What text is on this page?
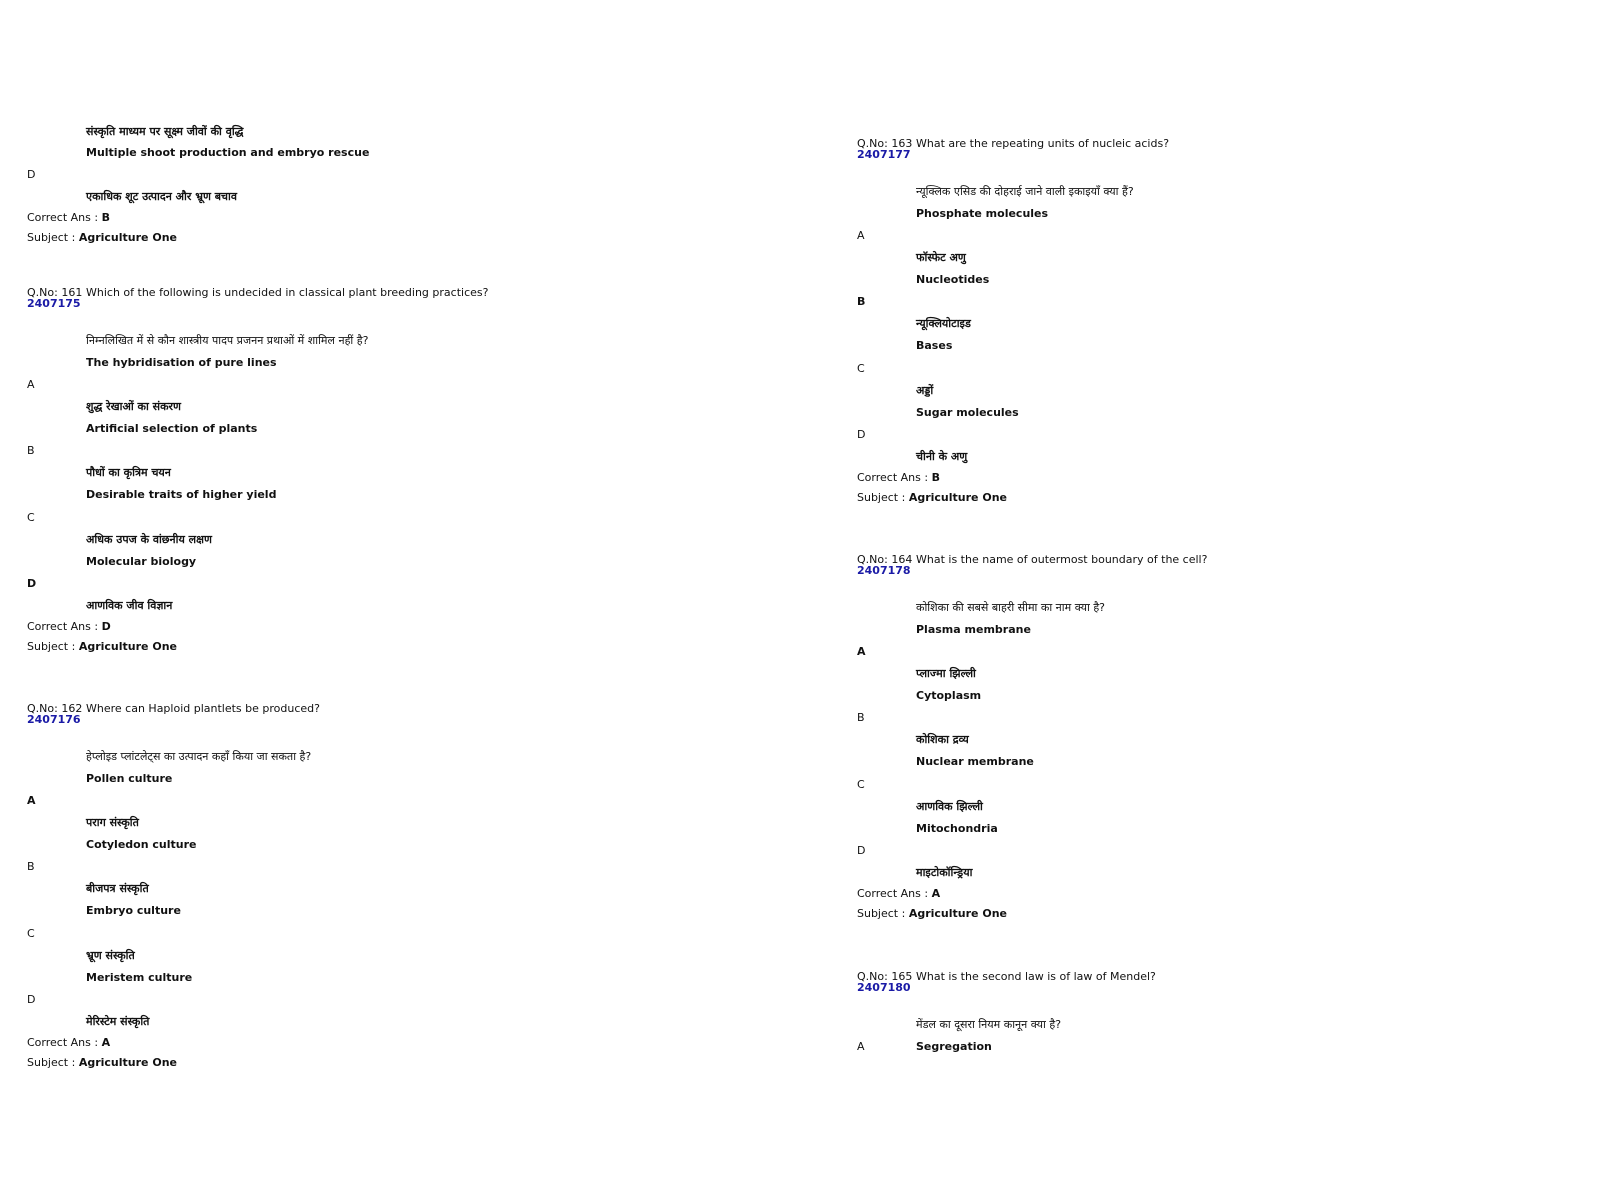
संस्कृति माध्यम पर सूक्ष्म जीवों की वृद्धि
Multiple shoot production and embryo rescue
D
एकाधिक शूट उत्पादन और भ्रूण बचाव
Correct Ans : B
Subject : Agriculture One
Q.No: 161 Which of the following is undecided in classical plant breeding practices?
2407175
निम्नलिखित में से कौन शास्त्रीय पादप प्रजनन प्रथाओं में शामिल नहीं है?
The hybridisation of pure lines
A
शुद्ध रेखाओं का संकरण
Artificial selection of plants
B
पौधों का कृत्रिम चयन
Desirable traits of higher yield
C
अधिक उपज के वांछनीय लक्षण
Molecular biology
D
आणविक जीव विज्ञान
Correct Ans : D
Subject : Agriculture One
Q.No: 162 Where can Haploid plantlets be produced?
2407176
हेप्लोइड प्लांटलेट्स का उत्पादन कहाँ किया जा सकता है?
Pollen culture
A
पराग संस्कृति
Cotyledon culture
B
बीजपत्र संस्कृति
Embryo culture
C
भ्रूण संस्कृति
Meristem culture
D
मेरिस्टेम संस्कृति
Correct Ans : A
Subject : Agriculture One
Q.No: 163 What are the repeating units of nucleic acids?
2407177
न्यूक्लिक एसिड की दोहराई जाने वाली इकाइयाँ क्या हैं?
Phosphate molecules
A
फॉस्फेट अणु
Nucleotides
B
न्यूक्लियोटाइड
Bases
C
अड्डों
Sugar molecules
D
चीनी के अणु
Correct Ans : B
Subject : Agriculture One
Q.No: 164 What is the name of outermost boundary of the cell?
2407178
कोशिका की सबसे बाहरी सीमा का नाम क्या है?
Plasma membrane
A
प्लाज्मा झिल्ली
Cytoplasm
B
कोशिका द्रव्य
Nuclear membrane
C
आणविक झिल्ली
Mitochondria
D
माइटोकॉन्ड्रिया
Correct Ans : A
Subject : Agriculture One
Q.No: 165 What is the second law is of law of Mendel?
2407180
मेंडल का दूसरा नियम कानून क्या है?
A	Segregation
